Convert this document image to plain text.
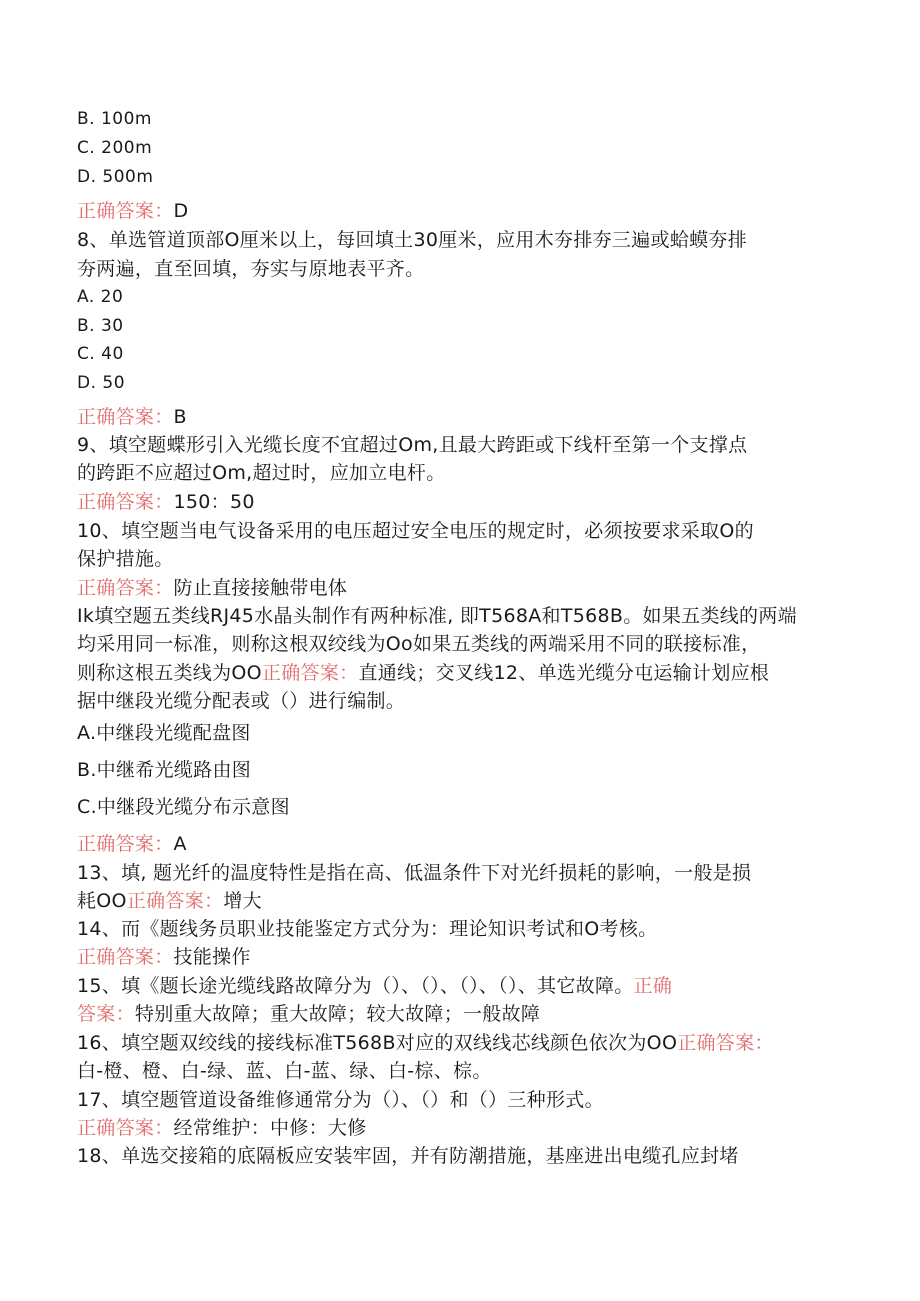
B. 100m
C. 200m
D. 500m
正确答案：D
8、单选管道顶部O厘米以上，每回填土30厘米，应用木夯排夯三遍或蛤蟆夯排
夯两遍，直至回填，夯实与原地表平齐。
A. 20
B. 30
C. 40
D. 50
正确答案：B
9、填空题蝶形引入光缆长度不宜超过Om,且最大跨距或下线杆至第一个支撑点
的跨距不应超过Om,超过时，应加立电杆。
正确答案：150：50
10、填空题当电气设备采用的电压超过安全电压的规定时，必须按要求采取O的
保护措施。
正确答案：防止直接接触带电体
Ik填空题五类线RJ45水晶头制作有两种标准, 即T568A和T568B。如果五类线的两端
均采用同一标准，则称这根双绞线为Oo如果五类线的两端采用不同的联接标准，
则称这根五类线为OO正确答案：直通线；交叉线12、单选光缆分屯运输计划应根
据中继段光缆分配表或（）进行编制。
A.中继段光缆配盘图
B.中继希光缆路由图
C.中继段光缆分布示意图
正确答案：A
13、填, 题光纤的温度特性是指在高、低温条件下对光纤损耗的影响，一般是损
耗OO正确答案：增大
14、而《题线务员职业技能鉴定方式分为：理论知识考试和O考核。
正确答案：技能操作
15、填《题长途光缆线路故障分为（）、（）、（）、（）、其它故障。正确
答案：特别重大故障；重大故障；较大故障；一般故障
16、填空题双绞线的接线标准T568B对应的双线线芯线颜色依次为OO正确答案：
白-橙、橙、白-绿、蓝、白-蓝、绿、白-棕、棕。
17、填空题管道设备维修通常分为（）、（）和（）三种形式。
正确答案：经常维护：中修：大修
18、单选交接箱的底隔板应安装牢固，并有防潮措施，基座进出电缆孔应封堵
